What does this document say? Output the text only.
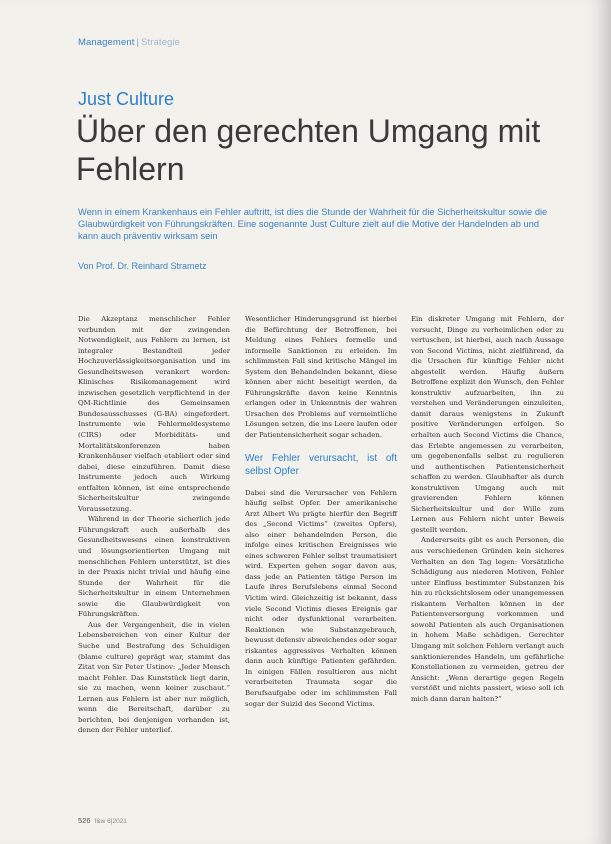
Management | Strategie
Just Culture
Über den gerechten Umgang mit Fehlern

Wenn in einem Krankenhaus ein Fehler auftritt, ist dies die Stunde der Wahrheit für die Sicherheitskultur sowie die Glaubwürdigkeit von Führungskräften. Eine sogenannte Just Culture zielt auf die Motive der Handelnden ab und kann auch präventiv wirksam sein

Von Prof. Dr. Reinhard Strametz

Die Akzeptanz menschlicher Fehler verbunden mit der zwingenden Notwendigkeit, aus Fehlern zu lernen, ist integraler Bestandteil jeder Hochzuverlässigkeitsorganisation und im Gesundheitswesen verankert worden: Klinisches Risikomanagement wird inzwischen gesetzlich verpflichtend in der QM-Richtlinie des Gemeinsamen Bundesausschusses (G-BA) eingefordert. Instrumente wie Fehlermeldesysteme (CIRS) oder Morbiditäts- und Mortalitätskonferenzen haben Krankenhäuser vielfach etabliert oder sind dabei, diese einzuführen. Damit diese Instrumente jedoch auch Wirkung entfalten können, ist eine entsprechende Sicherheitskultur zwingende Voraussetzung.

Während in der Theorie sicherlich jede Führungskraft auch außerhalb des Gesundheitswesens einen konstruktiven und lösungsorientierten Umgang mit menschlichen Fehlern unterstützt, ist dies in der Praxis nicht trivial und häufig eine Stunde der Wahrheit für die Sicherheitskultur in einem Unternehmen sowie die Glaubwürdigkeit von Führungskräften.

Aus der Vergangenheit, die in vielen Lebensbereichen von einer Kultur der Suche und Bestrafung des Schuldigen (blame culture) geprägt war, stammt das Zitat von Sir Peter Ustinov: „Jeder Mensch macht Fehler. Das Kunststück liegt darin, sie zu machen, wenn keiner zuschaut.“ Lernen aus Fehlern ist aber nur möglich, wenn die Bereitschaft, darüber zu berichten, bei denjenigen vorhanden ist, denen der Fehler unterlief.

Wesentlicher Hinderungsgrund ist hierbei die Befürchtung der Betroffenen, bei Meldung eines Fehlers formelle und informelle Sanktionen zu erleiden. Im schlimmsten Fall sind kritische Mängel im System den Behandelnden bekannt, diese können aber nicht beseitigt werden, da Führungskräfte davon keine Kenntnis erlangen oder in Unkenntnis der wahren Ursachen des Problems auf vermeintliche Lösungen setzen, die ins Leere laufen oder der Patientensicherheit sogar schaden.

Wer Fehler verursacht, ist oft selbst Opfer

Dabei sind die Verursacher von Fehlern häufig selbst Opfer. Der amerikanische Arzt Albert Wu prägte hierfür den Begriff des „Second Victims“ (zweites Opfers), also einer behandelnden Person, die infolge eines kritischen Ereignisses wie eines schweren Fehler selbst traumatisiert wird. Experten gehen sogar davon aus, dass jede an Patienten tätige Person im Laufe ihres Berufslebens einmal Second Victim wird. Gleichzeitig ist bekannt, dass viele Second Victims dieses Ereignis gar nicht oder dysfunktional verarbeiten. Reaktionen wie Substanzgebrauch, bewusst defensiv abweichendes oder sogar riskantes aggressives Verhalten können dann auch künftige Patienten gefährden. In einigen Fällen resultieren aus nicht verarbeiteten Traumata sogar die Berufsaufgabe oder im schlimmsten Fall sogar der Suizid des Second Victims.

Ein diskreter Umgang mit Fehlern, der versucht, Dinge zu verheimlichen oder zu vertuschen, ist hierbei, auch nach Aussage von Second Victims, nicht zielführend, da die Ursachen für künftige Fehler nicht abgestellt werden. Häufig äußern Betroffene explizit den Wunsch, den Fehler konstruktiv aufzuarbeiten, ihn zu verstehen und Veränderungen einzuleiten, damit daraus wenigstens in Zukunft positive Veränderungen erfolgen. So erhalten auch Second Victims die Chance, das Erlebte angemessen zu verarbeiten, um gegebenenfalls selbst zu regulieren und authentischen Patientensicherheit schaffen zu werden. Glaubhafter als durch konstruktiven Umgang auch mit gravierenden Fehlern können Sicherheitskultur und der Wille zum Lernen aus Fehlern nicht unter Beweis gestellt werden.

Andererseits gibt es auch Personen, die aus verschiedenen Gründen kein sicheres Verhalten an den Tag legen: Vorsätzliche Schädigung aus niederen Motiven, Fehler unter Einfluss bestimmter Substanzen bis hin zu rücksichtslosem oder unangemessen riskantem Verhalten können in der Patientenversorgung vorkommen und sowohl Patienten als auch Organisationen in hohem Maße schädigen. Gerechter Umgang mit solchen Fehlern verlangt auch sanktionierendes Handeln, um gefährliche Konstellationen zu vermeiden, getreu der Ansicht: „Wenn derartige gegen Regeln verstößt und nichts passiert, wieso soll ich mich dann daran halten?“

526 f&w 6|2021
